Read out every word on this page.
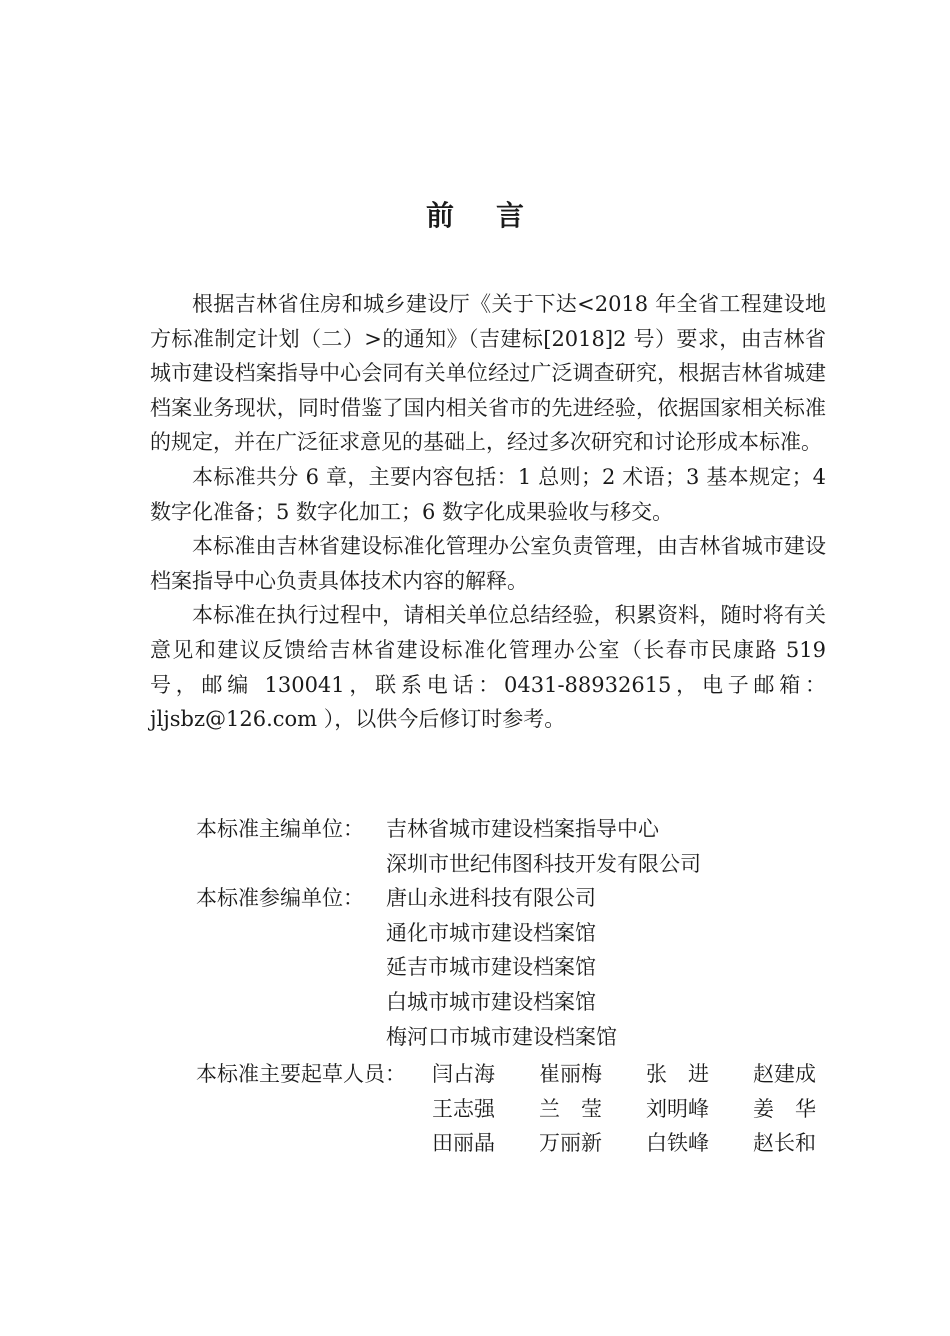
前 言

根据吉林省住房和城乡建设厅《关于下达<2018 年全省工程建设地方标准制定计划（二）>的通知》（吉建标[2018]2 号）要求，由吉林省城市建设档案指导中心会同有关单位经过广泛调查研究，根据吉林省城建档案业务现状，同时借鉴了国内相关省市的先进经验，依据国家相关标准的规定，并在广泛征求意见的基础上，经过多次研究和讨论形成本标准。

本标准共分 6 章，主要内容包括：1 总则；2 术语；3 基本规定；4 数字化准备；5 数字化加工；6 数字化成果验收与移交。

本标准由吉林省建设标准化管理办公室负责管理，由吉林省城市建设档案指导中心负责具体技术内容的解释。

本标准在执行过程中，请相关单位总结经验，积累资料，随时将有关意见和建议反馈给吉林省建设标准化管理办公室（长春市民康路 519 号，邮编 130041，联系电话：0431-88932615，电子邮箱：jljsbz@126.com ），以供今后修订时参考。

本标准主编单位：	吉林省城市建设档案指导中心
深圳市世纪伟图科技开发有限公司
本标准参编单位：	唐山永进科技有限公司
通化市城市建设档案馆
延吉市城市建设档案馆
白城市城市建设档案馆
梅河口市城市建设档案馆
本标准主要起草人员：	闫占海	崔丽梅	张　进	赵建成
王志强	兰　莹	刘明峰	姜　华
田丽晶	万丽新	白铁峰	赵长和
